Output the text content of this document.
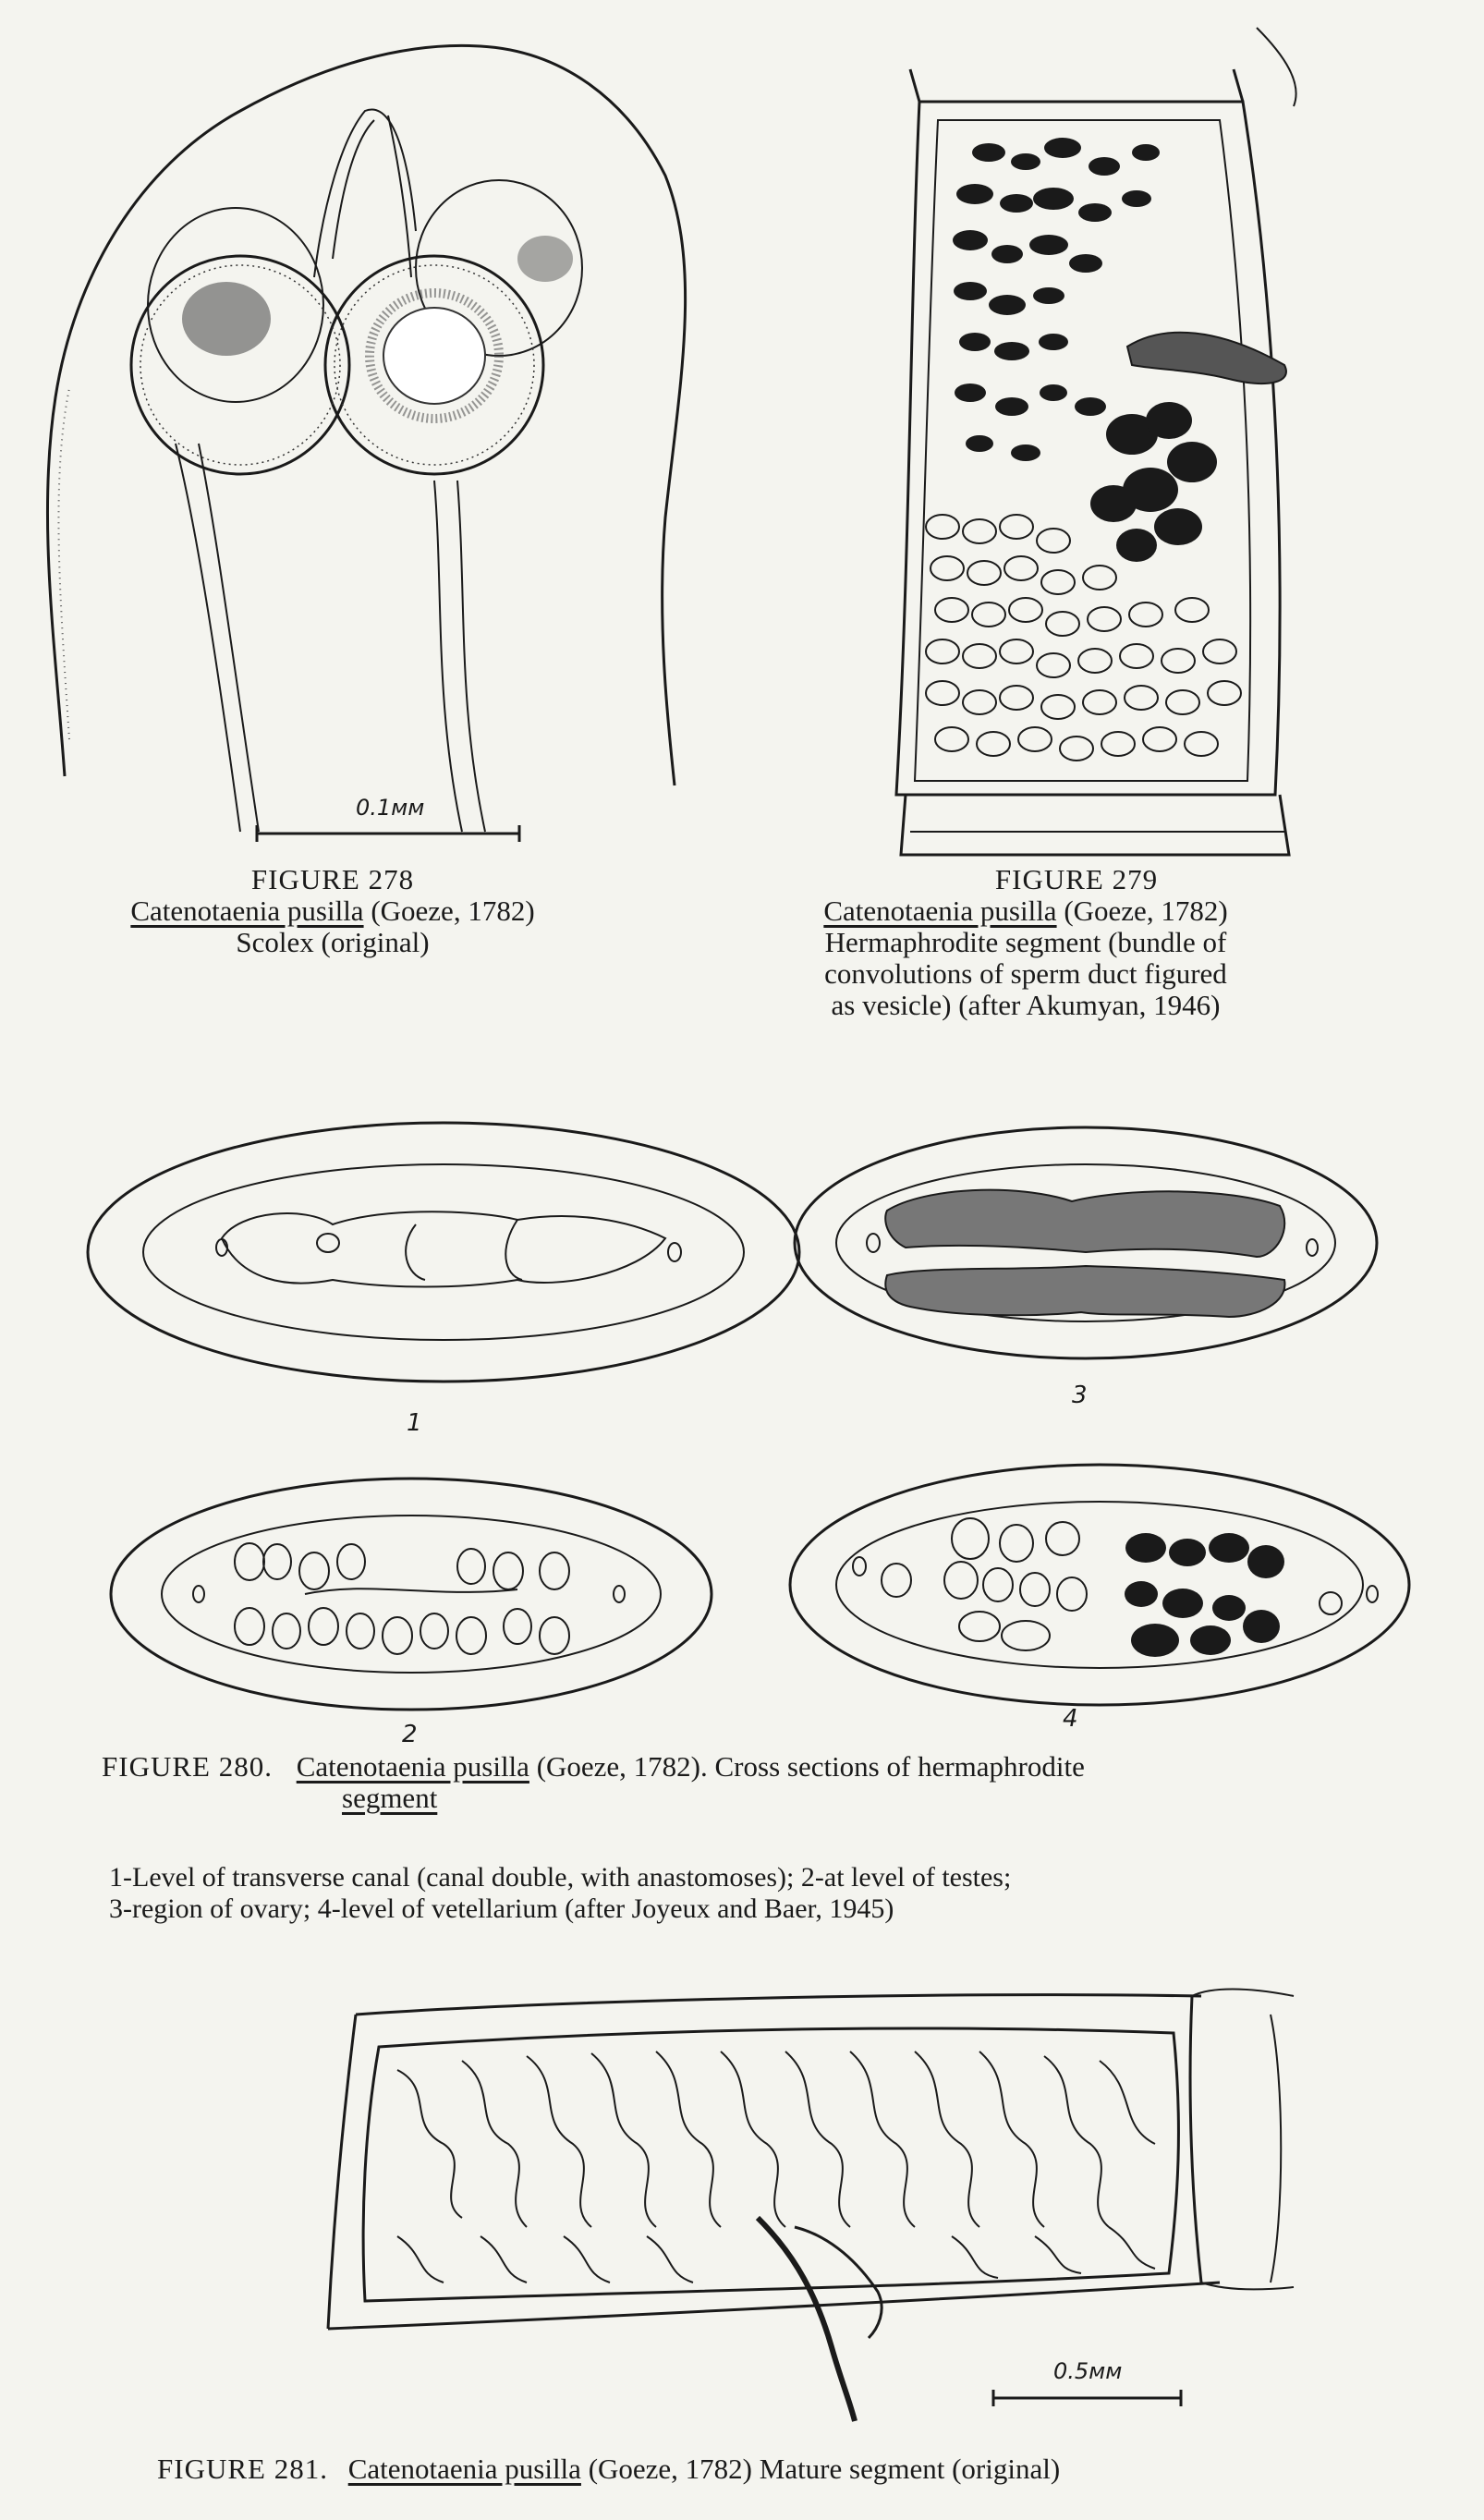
0.1мм
FIGURE 278
Catenotaenia pusilla (Goeze, 1782)
Scolex (original)
FIGURE 279
Catenotaenia pusilla (Goeze, 1782)
Hermaphrodite segment (bundle of
convolutions of sperm duct figured
as vesicle) (after Akumyan, 1946)
1
3
2
4
FIGURE 280. Catenotaenia pusilla (Goeze, 1782). Cross sections of hermaphrodite
segment
1-Level of transverse canal (canal double, with anastomoses); 2-at level of testes;
3-region of ovary; 4-level of vetellarium (after Joyeux and Baer, 1945)
0.5мм
FIGURE 281. Catenotaenia pusilla (Goeze, 1782) Mature segment (original)
